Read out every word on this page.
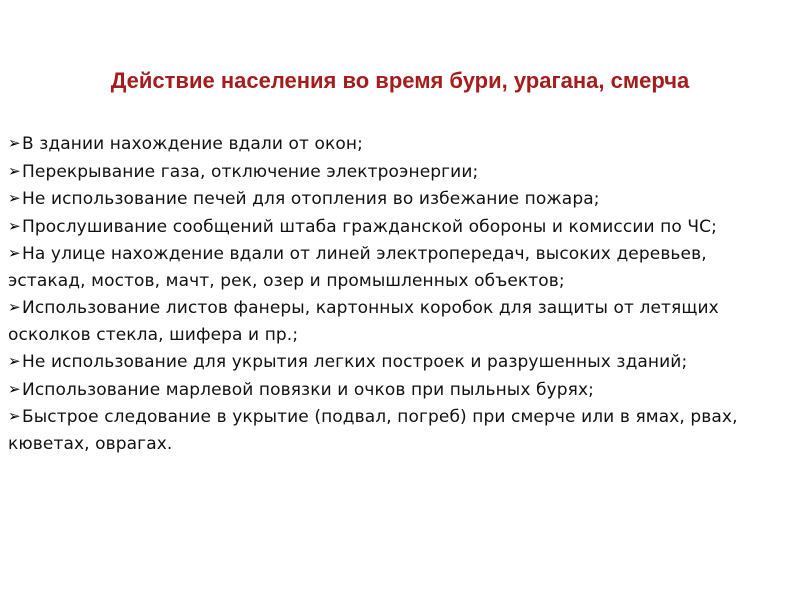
Действие населения во время бури, урагана, смерча
➢В здании нахождение вдали от окон;
➢Перекрывание газа, отключение электроэнергии;
➢Не использование печей для отопления во избежание пожара;
➢Прослушивание сообщений штаба гражданской обороны и комиссии по ЧС;
➢На улице нахождение вдали от линей электропередач, высоких деревьев, эстакад, мостов, мачт, рек, озер и промышленных объектов;
➢Использование листов фанеры, картонных коробок для защиты от летящих осколков стекла, шифера и пр.;
➢Не использование для укрытия легких построек и разрушенных зданий;
➢Использование марлевой повязки и очков при пыльных бурях;
➢Быстрое следование в укрытие (подвал, погреб) при смерче или в ямах, рвах, кюветах, оврагах.
